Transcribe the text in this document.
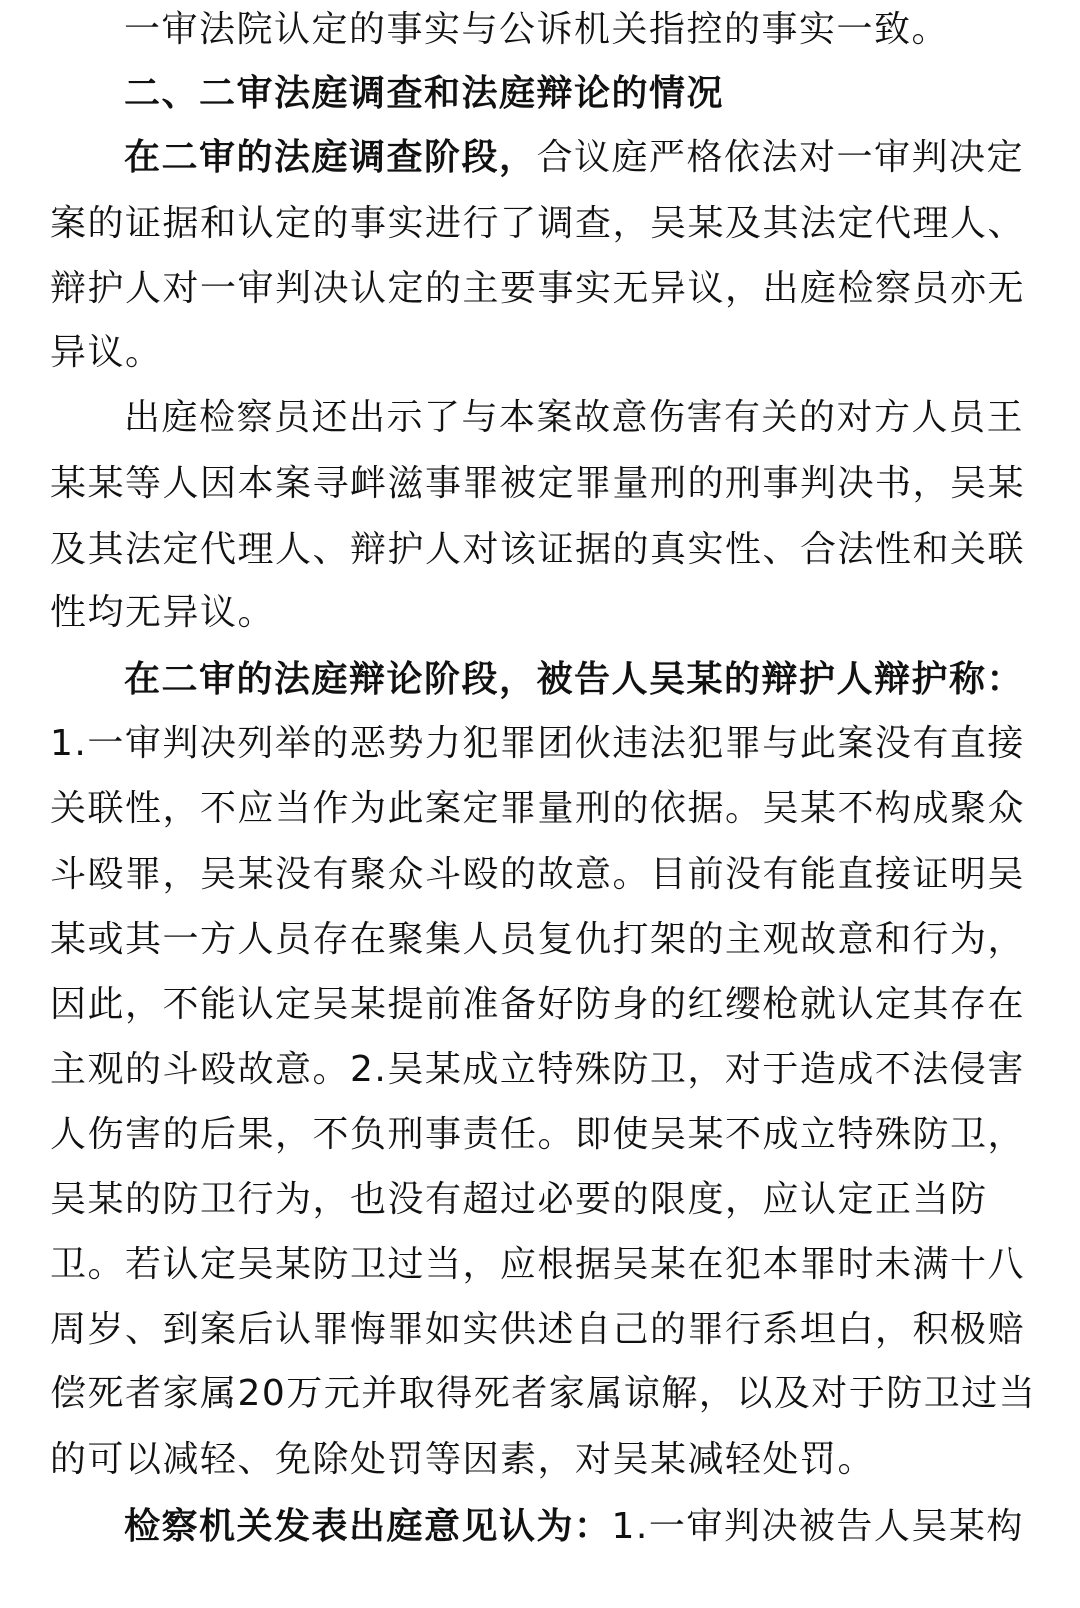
一审法院认定的事实与公诉机关指控的事实一致。
二、二审法庭调查和法庭辩论的情况
在二审的法庭调查阶段，合议庭严格依法对一审判决定
案的证据和认定的事实进行了调查，吴某及其法定代理人、
辩护人对一审判决认定的主要事实无异议，出庭检察员亦无
异议。
出庭检察员还出示了与本案故意伤害有关的对方人员王
某某等人因本案寻衅滋事罪被定罪量刑的刑事判决书，吴某
及其法定代理人、辩护人对该证据的真实性、合法性和关联
性均无异议。
在二审的法庭辩论阶段，被告人吴某的辩护人辩护称：
1.一审判决列举的恶势力犯罪团伙违法犯罪与此案没有直接
关联性，不应当作为此案定罪量刑的依据。吴某不构成聚众
斗殴罪，吴某没有聚众斗殴的故意。目前没有能直接证明吴
某或其一方人员存在聚集人员复仇打架的主观故意和行为，
因此，不能认定吴某提前准备好防身的红缨枪就认定其存在
主观的斗殴故意。2.吴某成立特殊防卫，对于造成不法侵害
人伤害的后果，不负刑事责任。即使吴某不成立特殊防卫，
吴某的防卫行为，也没有超过必要的限度，应认定正当防
卫。若认定吴某防卫过当，应根据吴某在犯本罪时未满十八
周岁、到案后认罪悔罪如实供述自己的罪行系坦白，积极赔
偿死者家属20万元并取得死者家属谅解，以及对于防卫过当
的可以减轻、免除处罚等因素，对吴某减轻处罚。
检察机关发表出庭意见认为：1.一审判决被告人吴某构
